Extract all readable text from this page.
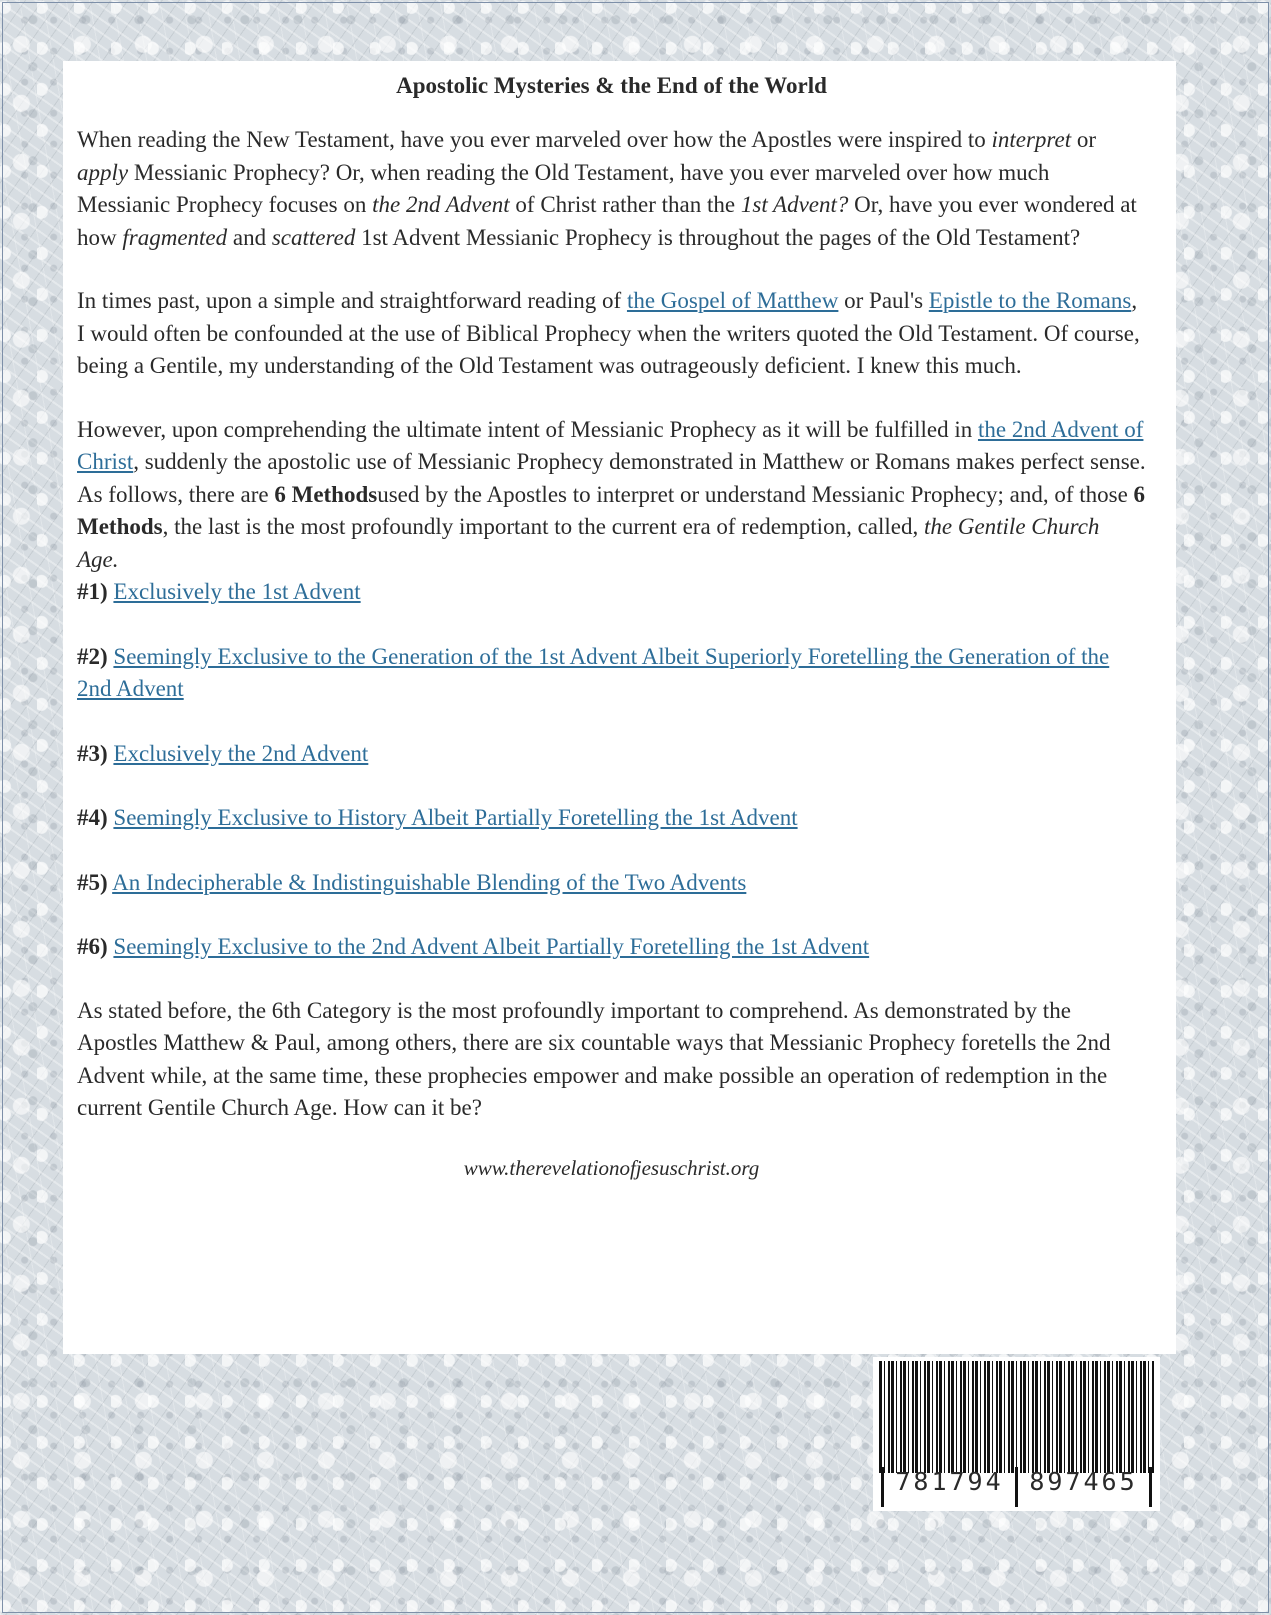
Apostolic Mysteries & the End of the World

When reading the New Testament, have you ever marveled over how the Apostles were inspired to interpret or apply Messianic Prophecy? Or, when reading the Old Testament, have you ever marveled over how much Messianic Prophecy focuses on the 2nd Advent of Christ rather than the 1st Advent? Or, have you ever wondered at how fragmented and scattered 1st Advent Messianic Prophecy is throughout the pages of the Old Testament?

In times past, upon a simple and straightforward reading of the Gospel of Matthew or Paul's Epistle to the Romans, I would often be confounded at the use of Biblical Prophecy when the writers quoted the Old Testament. Of course, being a Gentile, my understanding of the Old Testament was outrageously deficient. I knew this much.

However, upon comprehending the ultimate intent of Messianic Prophecy as it will be fulfilled in the 2nd Advent of Christ, suddenly the apostolic use of Messianic Prophecy demonstrated in Matthew or Romans makes perfect sense. As follows, there are 6 Methodsused by the Apostles to interpret or understand Messianic Prophecy; and, of those 6 Methods, the last is the most profoundly important to the current era of redemption, called, the Gentile Church Age.

#1) Exclusively the 1st Advent
#2) Seemingly Exclusive to the Generation of the 1st Advent Albeit Superiorly Foretelling the Generation of the 2nd Advent
#3) Exclusively the 2nd Advent
#4) Seemingly Exclusive to History Albeit Partially Foretelling the 1st Advent
#5) An Indecipherable & Indistinguishable Blending of the Two Advents
#6) Seemingly Exclusive to the 2nd Advent Albeit Partially Foretelling the 1st Advent

As stated before, the 6th Category is the most profoundly important to comprehend. As demonstrated by the Apostles Matthew & Paul, among others, there are six countable ways that Messianic Prophecy foretells the 2nd Advent while, at the same time, these prophecies empower and make possible an operation of redemption in the current Gentile Church Age. How can it be?

www.therevelationofjesuschrist.org
781794 897465
